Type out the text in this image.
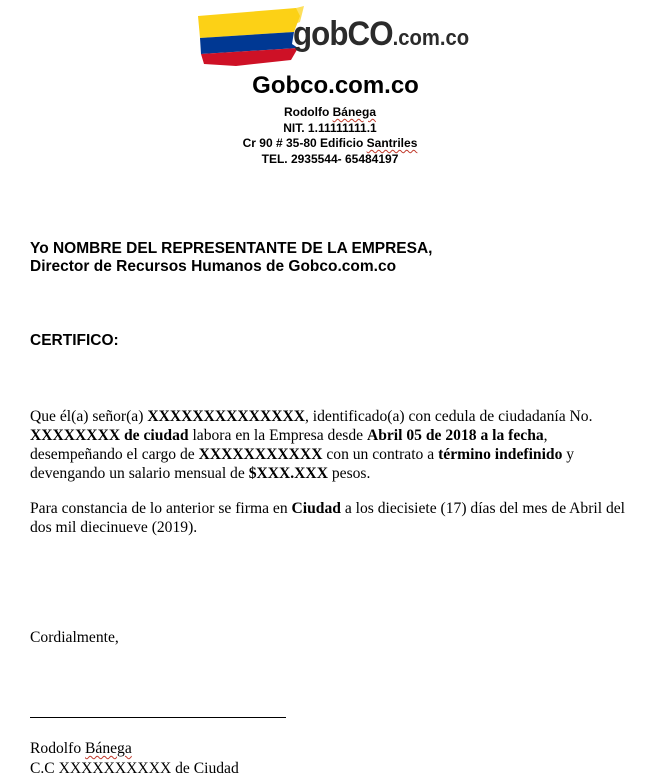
gobCO.com.co
Gobco.com.co
Rodolfo Bánega
NIT. 1.11111111.1
Cr 90 # 35-80 Edificio Santriles
TEL. 2935544- 65484197
Yo NOMBRE DEL REPRESENTANTE DE LA EMPRESA,
Director de Recursos Humanos de Gobco.com.co
CERTIFICO:
Que él(a) señor(a) XXXXXXXXXXXXXX, identificado(a) con cedula de ciudadanía No. XXXXXXXX de ciudad labora en la Empresa desde Abril 05 de 2018 a la fecha, desempeñando el cargo de XXXXXXXXXXX con un contrato a término indefinido y devengando un salario mensual de $XXX.XXX pesos.
Para constancia de lo anterior se firma en Ciudad a los diecisiete (17) días del mes de Abril del dos mil diecinueve (2019).
Cordialmente,
Rodolfo Bánega
C.C XXXXXXXXXX de Ciudad
